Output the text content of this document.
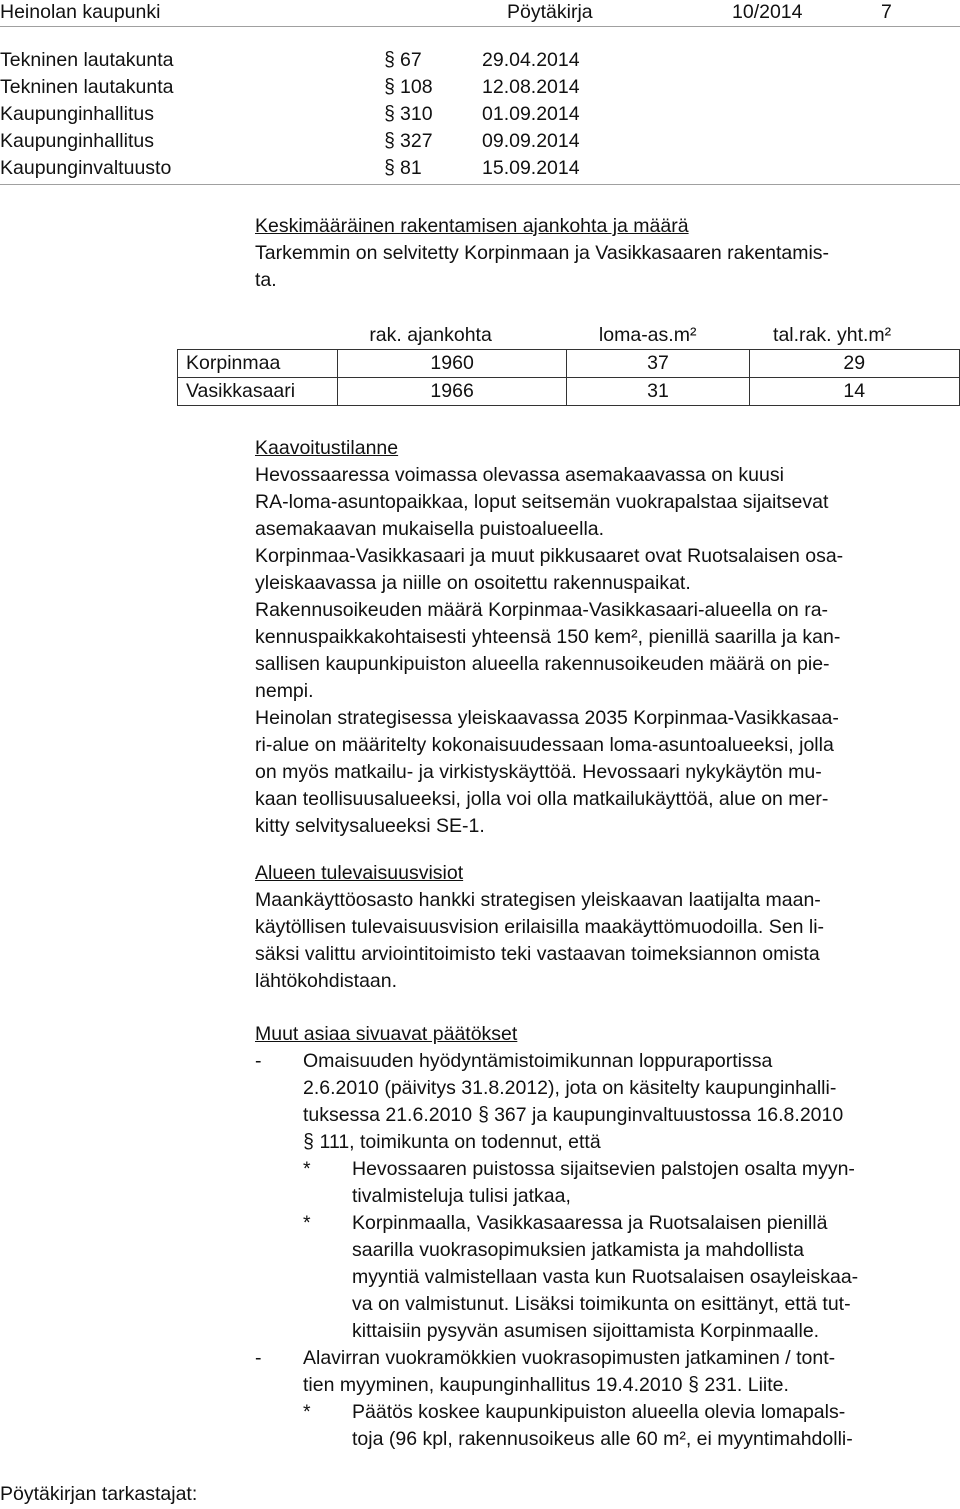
Heinolan kaupunki	Pöytäkirja	10/2014	7
Tekninen lautakunta	§ 67	29.04.2014
Tekninen lautakunta	§ 108	12.08.2014
Kaupunginhallitus	§ 310	01.09.2014
Kaupunginhallitus	§ 327	09.09.2014
Kaupunginvaltuusto	§ 81	15.09.2014
Keskimääräinen rakentamisen ajankohta ja määrä
Tarkemmin on selvitetty Korpinmaan ja Vasikkasaaren rakentamis-
ta.
	rak. ajankohta	loma-as.m²	tal.rak. yht.m²
Korpinmaa	1960	37	29
Vasikkasaari	1966	31	14
Kaavoitustilanne
Hevossaaressa voimassa olevassa asemakaavassa on kuusi
RA-loma-asuntopaikkaa, loput seitsemän vuokrapalstaa sijaitsevat
asemakaavan mukaisella puistoalueella.
Korpinmaa-Vasikkasaari ja muut pikkusaaret ovat Ruotsalaisen osa-
yleiskaavassa ja niille on osoitettu rakennuspaikat.
Rakennusoikeuden määrä Korpinmaa-Vasikkasaari-alueella on ra-
kennuspaikkakohtaisesti yhteensä 150 kem², pienillä saarilla ja kan-
sallisen kaupunkipuiston alueella rakennusoikeuden määrä on pie-
nempi.
Heinolan strategisessa yleiskaavassa 2035 Korpinmaa-Vasikkasaa-
ri-alue on määritelty kokonaisuudessaan loma-asuntoalueeksi, jolla
on myös matkailu- ja virkistyskäyttöä. Hevossaari nykykäytön mu-
kaan teollisuusalueeksi, jolla voi olla matkailukäyttöä, alue on mer-
kitty selvitysalueeksi SE-1.
Alueen tulevaisuusvisiot
Maankäyttöosasto hankki strategisen yleiskaavan laatijalta maan-
käytöllisen tulevaisuusvision erilaisilla maakäyttömuodoilla. Sen li-
säksi valittu arviointitoimisto teki vastaavan toimeksiannon omista
lähtökohdistaan.
Muut asiaa sivuavat päätökset
- Omaisuuden hyödyntämistoimikunnan loppuraportissa
2.6.2010 (päivitys 31.8.2012), jota on käsitelty kaupunginhalli-
tuksessa 21.6.2010 § 367 ja kaupunginvaltuustossa 16.8.2010
§ 111, toimikunta on todennut, että
* Hevossaaren puistossa sijaitsevien palstojen osalta myyn-
tivalmisteluja tulisi jatkaa,
* Korpinmaalla, Vasikkasaaressa ja Ruotsalaisen pienillä
saarilla vuokrasopimuksien jatkamista ja mahdollista
myyntiä valmistellaan vasta kun Ruotsalaisen osayleiskaa-
va on valmistunut. Lisäksi toimikunta on esittänyt, että tut-
kittaisiin pysyvän asumisen sijoittamista Korpinmaalle.
- Alavirran vuokramökkien vuokrasopimusten jatkaminen / tont-
tien myyminen, kaupunginhallitus 19.4.2010 § 231. Liite.
* Päätös koskee kaupunkipuiston alueella olevia lomapals-
toja (96 kpl, rakennusoikeus alle 60 m², ei myyntimahdolli-
Pöytäkirjan tarkastajat:
